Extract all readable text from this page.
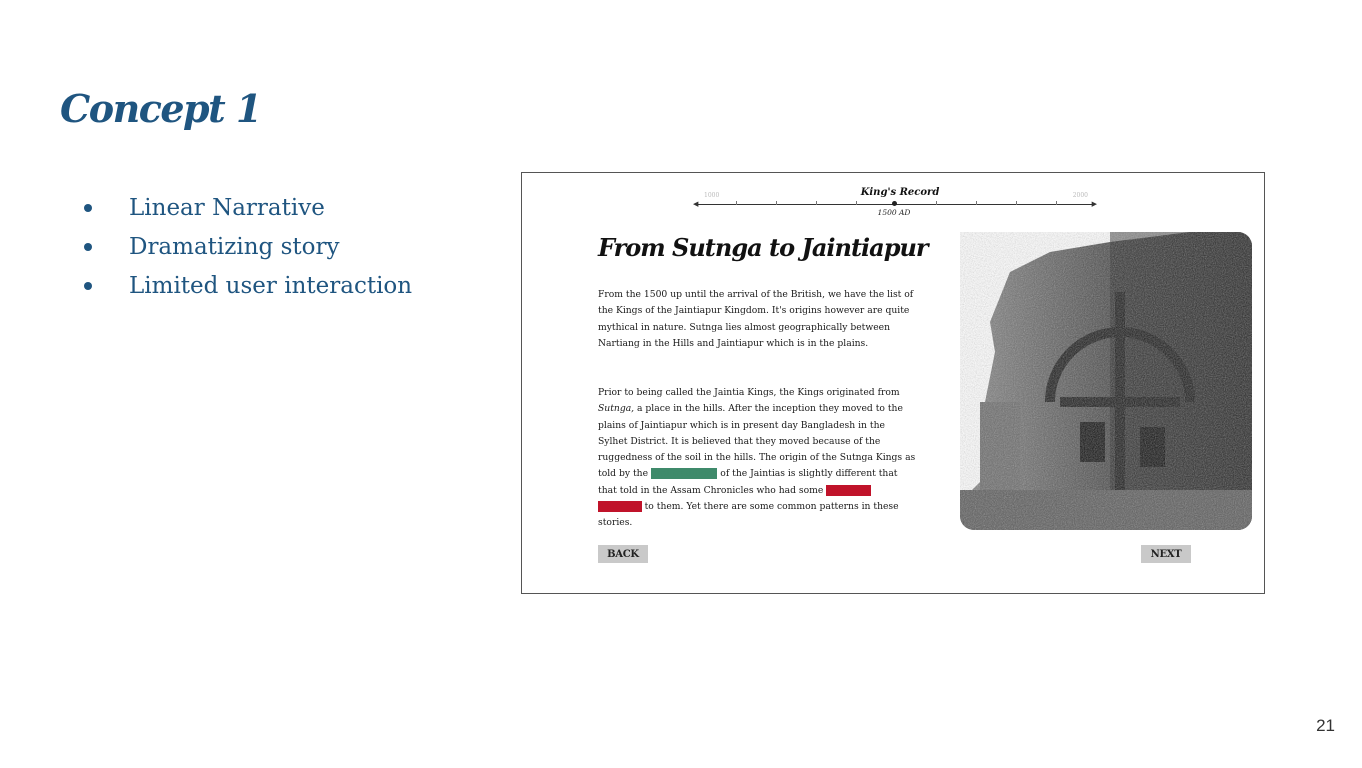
Concept 1
Linear Narrative
Dramatizing story
Limited user interaction
1000	2000
King's Record
◀	▶
1500 AD
From Sutnga to Jaintiapur

From the 1500 up until the arrival of the British, we have the list of the Kings of the Jaintiapur Kingdom. It's origins however are quite mythical in nature. Sutnga lies almost geographically between Nartiang in the Hills and Jaintiapur which is in the plains.

Prior to being called the Jaintia Kings, the Kings originated from Sutnga, a place in the hills. After the inception they moved to the plains of Jaintiapur which is in present day Bangladesh in the Sylhet District. It is believed that they moved because of the ruggedness of the soil in the hills. The origin of the Sutnga Kings as told by the oral traditions of the Jaintias is slightly different that that told in the Assam Chronicles who had some reference historical to them. Yet there are some common patterns in these stories.

BACK	NEXT
21
